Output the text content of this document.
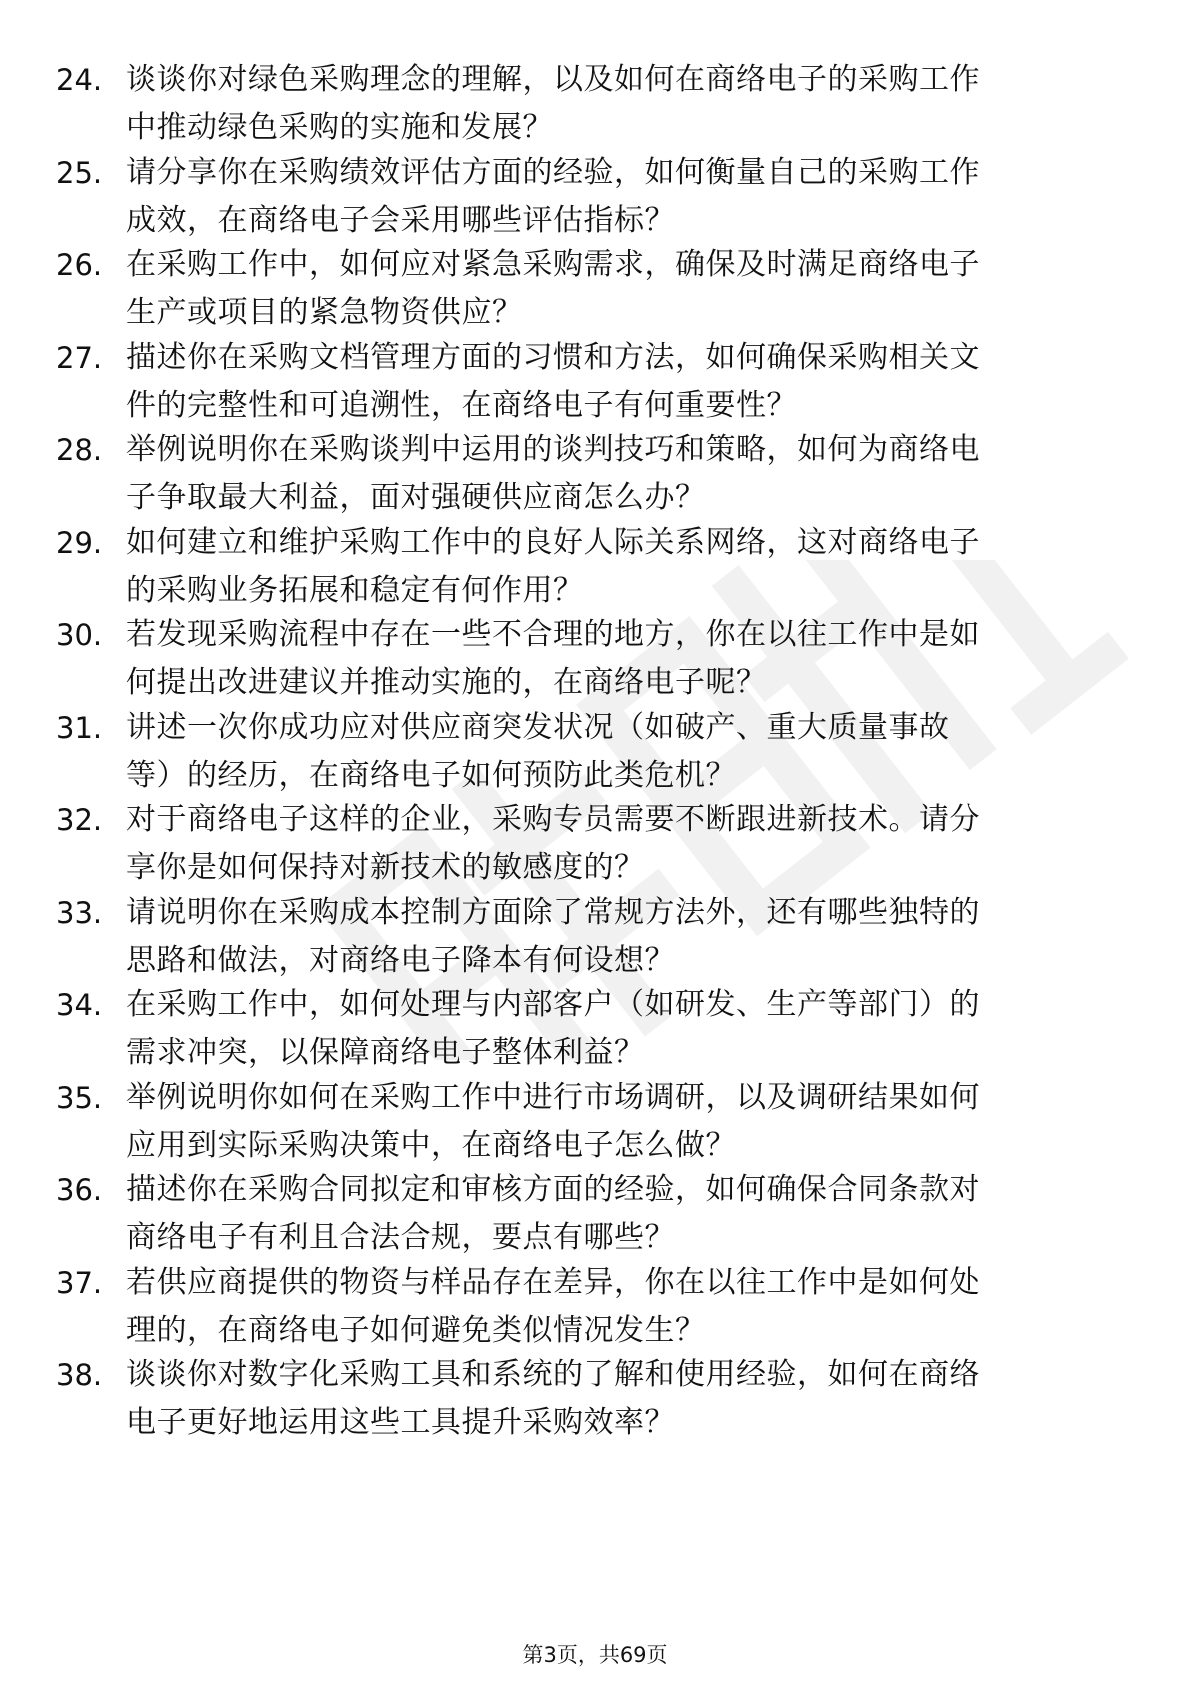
24. 谈谈你对绿色采购理念的理解，以及如何在商络电子的采购工作
中推动绿色采购的实施和发展？
25. 请分享你在采购绩效评估方面的经验，如何衡量自己的采购工作
成效，在商络电子会采用哪些评估指标？
26. 在采购工作中，如何应对紧急采购需求，确保及时满足商络电子
生产或项目的紧急物资供应？
27. 描述你在采购文档管理方面的习惯和方法，如何确保采购相关文
件的完整性和可追溯性，在商络电子有何重要性？
28. 举例说明你在采购谈判中运用的谈判技巧和策略，如何为商络电
子争取最大利益，面对强硬供应商怎么办？
29. 如何建立和维护采购工作中的良好人际关系网络，这对商络电子
的采购业务拓展和稳定有何作用？
30. 若发现采购流程中存在一些不合理的地方，你在以往工作中是如
何提出改进建议并推动实施的，在商络电子呢？
31. 讲述一次你成功应对供应商突发状况（如破产、重大质量事故
等）的经历，在商络电子如何预防此类危机？
32. 对于商络电子这样的企业，采购专员需要不断跟进新技术。请分
享你是如何保持对新技术的敏感度的？
33. 请说明你在采购成本控制方面除了常规方法外，还有哪些独特的
思路和做法，对商络电子降本有何设想？
34. 在采购工作中，如何处理与内部客户（如研发、生产等部门）的
需求冲突，以保障商络电子整体利益？
35. 举例说明你如何在采购工作中进行市场调研，以及调研结果如何
应用到实际采购决策中，在商络电子怎么做？
36. 描述你在采购合同拟定和审核方面的经验，如何确保合同条款对
商络电子有利且合法合规，要点有哪些？
37. 若供应商提供的物资与样品存在差异，你在以往工作中是如何处
理的，在商络电子如何避免类似情况发生？
38. 谈谈你对数字化采购工具和系统的了解和使用经验，如何在商络
电子更好地运用这些工具提升采购效率？
第3页，共69页
